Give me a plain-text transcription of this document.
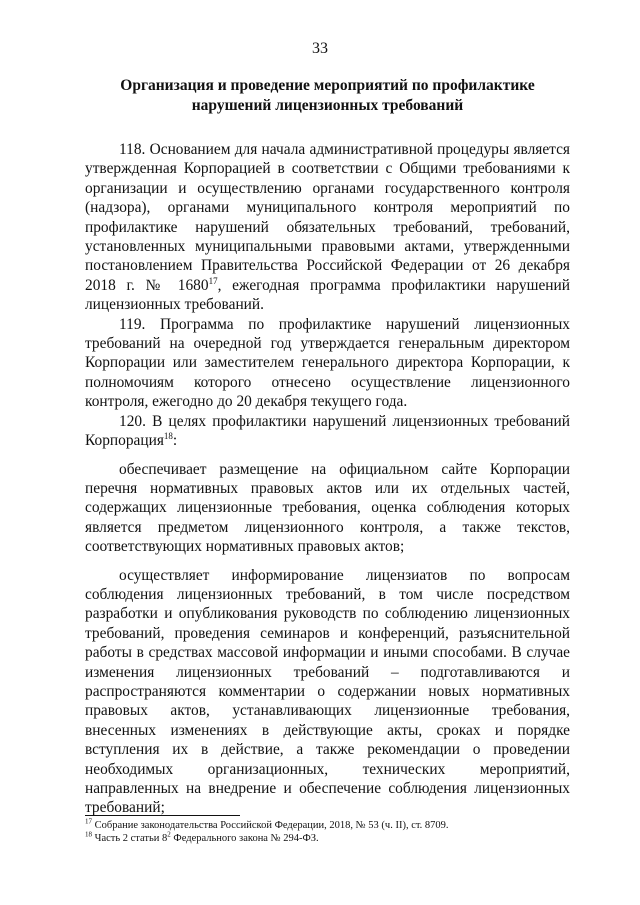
33
Организация и проведение мероприятий по профилактике
нарушений лицензионных требований

118. Основанием для начала административной процедуры является утвержденная Корпорацией в соответствии с Общими требованиями к организации и осуществлению органами государственного контроля (надзора), органами муниципального контроля мероприятий по профилактике нарушений обязательных требований, требований, установленных муниципальными правовыми актами, утвержденными постановлением Правительства Российской Федерации от 26 декабря 2018 г. № 1680$^{17}$, ежегодная программа профилактики нарушений лицензионных требований.

119. Программа по профилактике нарушений лицензионных требований на очередной год утверждается генеральным директором Корпорации или заместителем генерального директора Корпорации, к полномочиям которого отнесено осуществление лицензионного контроля, ежегодно до 20 декабря текущего года.

120. В целях профилактики нарушений лицензионных требований Корпорация$^{18}$:

обеспечивает размещение на официальном сайте Корпорации перечня нормативных правовых актов или их отдельных частей, содержащих лицензионные требования, оценка соблюдения которых является предметом лицензионного контроля, а также текстов, соответствующих нормативных правовых актов;

осуществляет информирование лицензиатов по вопросам соблюдения лицензионных требований, в том числе посредством разработки и опубликования руководств по соблюдению лицензионных требований, проведения семинаров и конференций, разъяснительной работы в средствах массовой информации и иными способами. В случае изменения лицензионных требований – подготавливаются и распространяются комментарии о содержании новых нормативных правовых актов, устанавливающих лицензионные требования, внесенных изменениях в действующие акты, сроках и порядке вступления их в действие, а также рекомендации о проведении необходимых организационных, технических мероприятий, направленных на внедрение и обеспечение соблюдения лицензионных требований;

$^{17}$ Собрание законодательства Российской Федерации, 2018, № 53 (ч. II), ст. 8709.
$^{18}$ Часть 2 статьи $8^2$ Федерального закона № 294-ФЗ.
